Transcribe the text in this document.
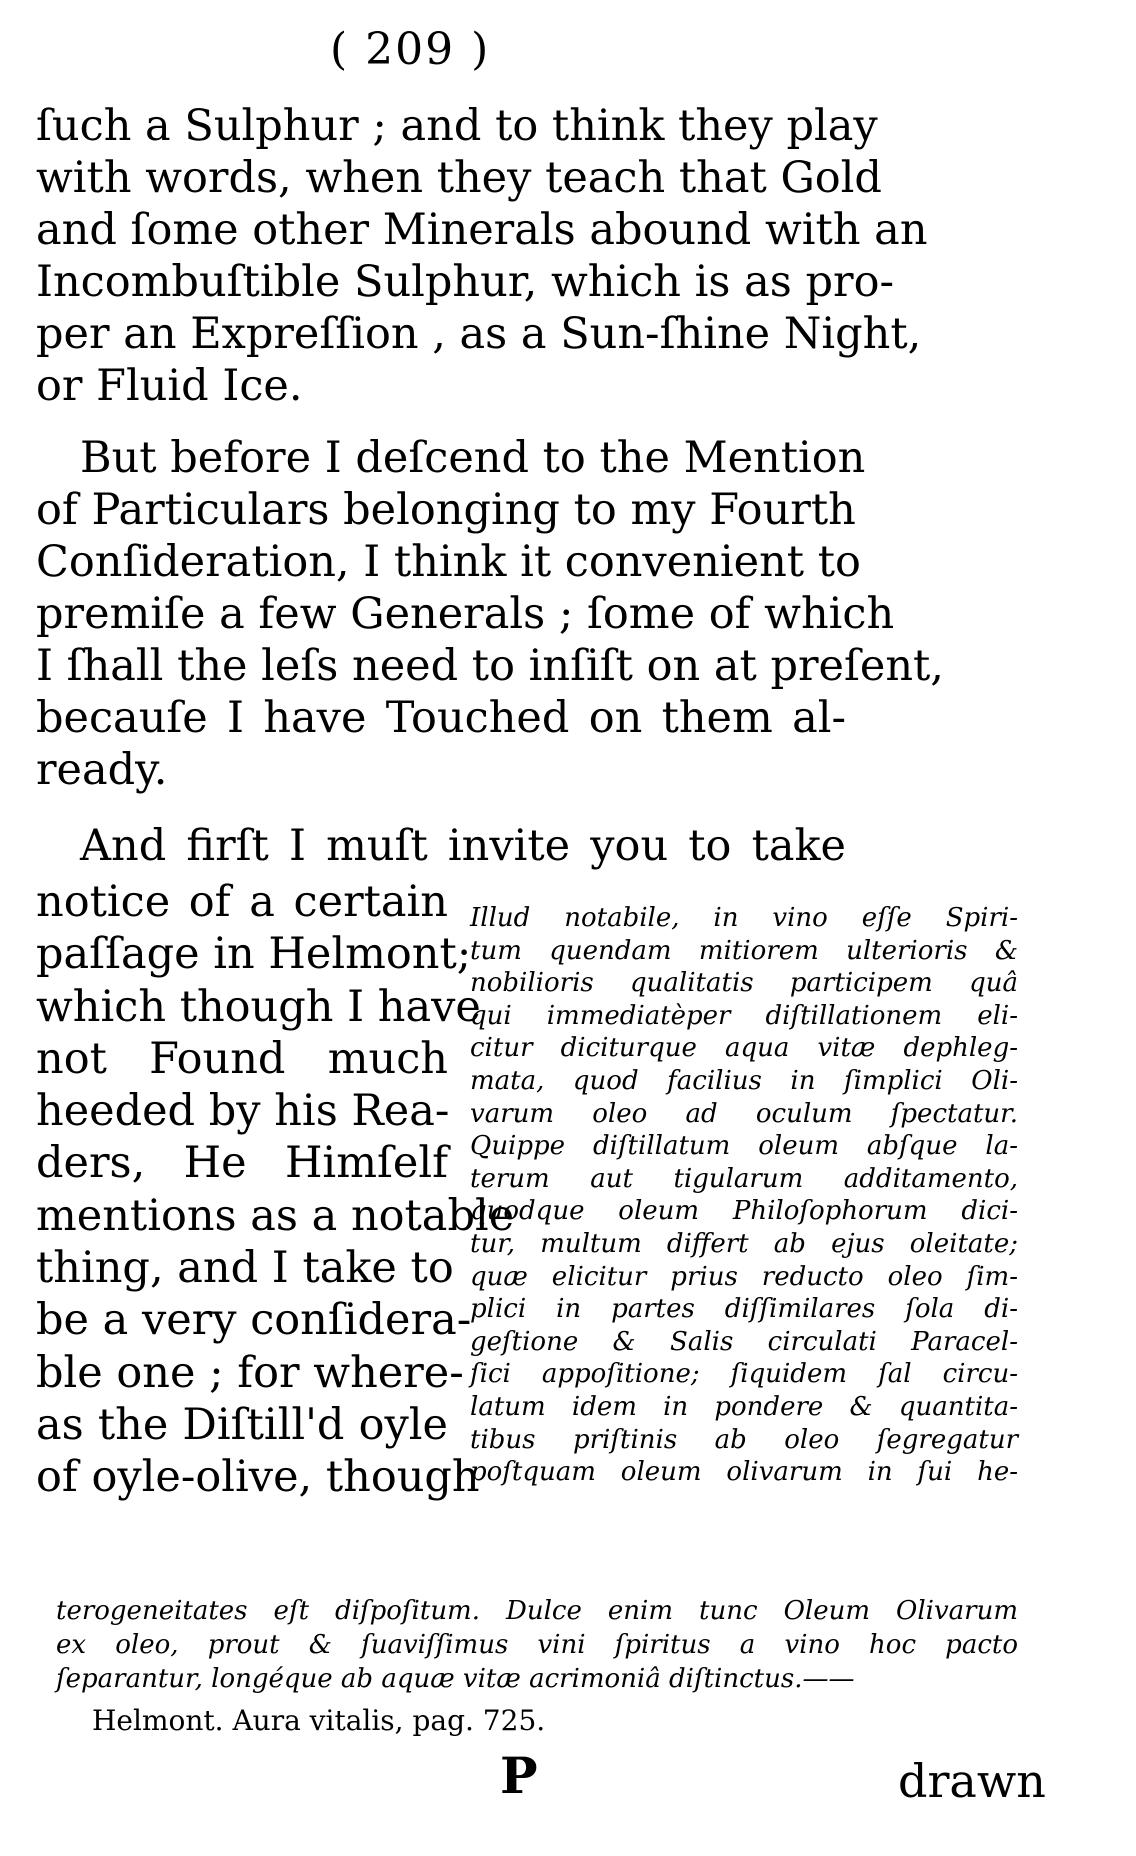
( 209 )
ſuch a Sulphur ; and to think they play
with words, when they teach that Gold
and ſome other Minerals abound with an
Incombuſtible Sulphur, which is as pro-
per an Expreſſion , as a Sun-ſhine Night,
or Fluid Ice.
But before I deſcend to the Mention
of Particulars belonging to my Fourth
Conſideration, I think it convenient to
premiſe a few Generals ; ſome of which
I ſhall the leſs need to inſiſt on at preſent,
becauſe I have Touched on them al-
ready.
And firſt I muſt invite you to take
notice of a certain
paſſage in Helmont;
which though I have
not Found much
heeded by his Rea-
ders, He Himſelf
mentions as a notable
thing, and I take to
be a very conſidera-
ble one ; for where-
as the Diſtill'd oyle
of oyle-olive, though
Illud notabile, in vino eſſe Spiri-
tum quendam mitiorem ulterioris &
nobilioris qualitatis participem quâ
qui immediatèper diſtillationem eli-
citur diciturque aqua vitæ dephleg-
mata, quod facilius in ſimplici Oli-
varum oleo ad oculum ſpectatur.
Quippe diſtillatum oleum abſque la-
terum aut tigularum additamento,
quodque oleum Philoſophorum dici-
tur, multum differt ab ejus oleitate;
quæ elicitur prius reducto oleo ſim-
plici in partes diſſimilares ſola di-
geſtione & Salis circulati Paracel-
ſici appoſitione; ſiquidem ſal circu-
latum idem in pondere & quantita-
tibus priſtinis ab oleo ſegregatur
poſtquam oleum olivarum in ſui he-
terogeneitates eſt diſpoſitum. Dulce enim tunc Oleum Olivarum
ex oleo, prout & ſuaviſſimus vini ſpiritus a vino hoc pacto
ſeparantur, longéque ab aquæ vitæ acrimoniâ diſtinctus.——
Helmont. Aura vitalis, pag. 725.
P	drawn
